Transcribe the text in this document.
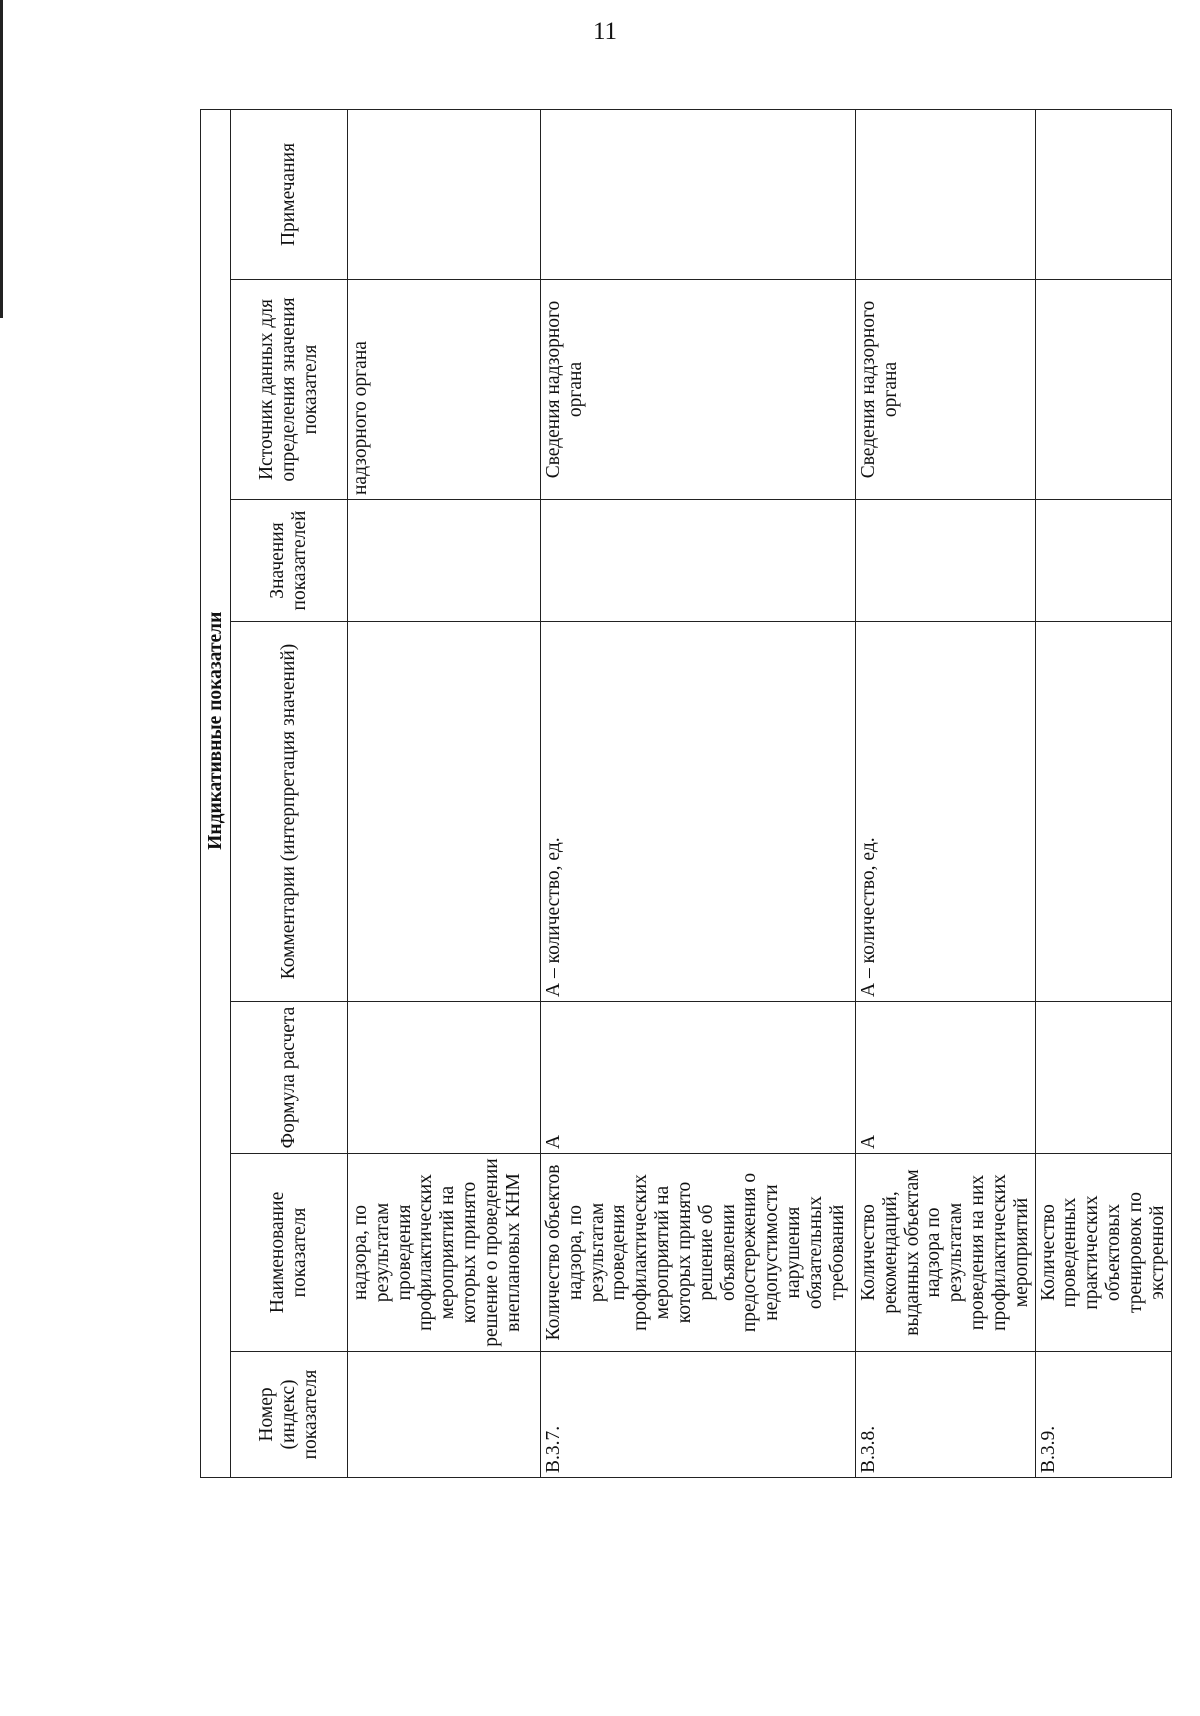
11
	Индикативные показатели					
Номер (индекс) показателя	Наименование показателя	Формула расчета	Комментарии (интерпретация значений)	Значения показателей	Источник данных для определения значения показателя	Примечания
	надзора, по результатам проведения профилактических мероприятий на которых принято решение о проведении внеплановых КНМ				надзорного органа	
В.3.7.	Количество объектов надзора, по результатам проведения профилактических мероприятий на которых принято решение об объявлении предостережения о недопустимости нарушения обязательных требований	А	А – количество, ед.		Сведения надзорного органа	
В.3.8.	Количество рекомендаций, выданных объектам надзора по результатам проведения на них профилактических мероприятий	А	А – количество, ед.		Сведения надзорного органа	
В.3.9.	Количество проведенных практических объектовых тренировок по экстренной					
